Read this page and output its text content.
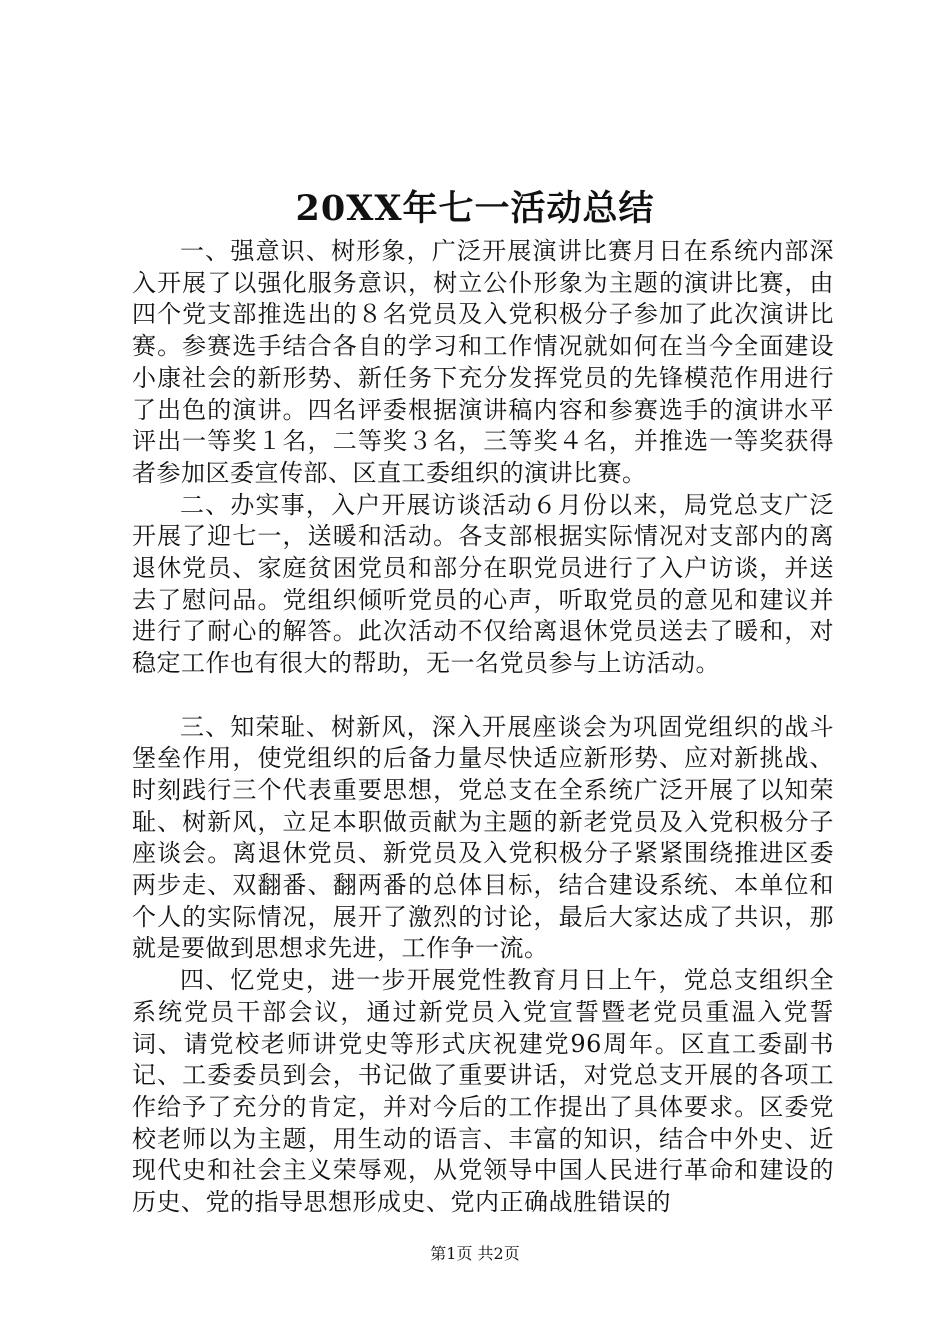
20XX年七一活动总结

一、强意识、树形象，广泛开展演讲比赛月日在系统内部深入开展了以强化服务意识，树立公仆形象为主题的演讲比赛，由四个党支部推选出的８名党员及入党积极分子参加了此次演讲比赛。参赛选手结合各自的学习和工作情况就如何在当今全面建设小康社会的新形势、新任务下充分发挥党员的先锋模范作用进行了出色的演讲。四名评委根据演讲稿内容和参赛选手的演讲水平评出一等奖１名，二等奖３名，三等奖４名，并推选一等奖获得者参加区委宣传部、区直工委组织的演讲比赛。

二、办实事，入户开展访谈活动６月份以来，局党总支广泛开展了迎七一，送暖和活动。各支部根据实际情况对支部内的离退休党员、家庭贫困党员和部分在职党员进行了入户访谈，并送去了慰问品。党组织倾听党员的心声，听取党员的意见和建议并进行了耐心的解答。此次活动不仅给离退休党员送去了暖和，对稳定工作也有很大的帮助，无一名党员参与上访活动。

三、知荣耻、树新风，深入开展座谈会为巩固党组织的战斗堡垒作用，使党组织的后备力量尽快适应新形势、应对新挑战、时刻践行三个代表重要思想，党总支在全系统广泛开展了以知荣耻、树新风，立足本职做贡献为主题的新老党员及入党积极分子座谈会。离退休党员、新党员及入党积极分子紧紧围绕推进区委两步走、双翻番、翻两番的总体目标，结合建设系统、本单位和个人的实际情况，展开了激烈的讨论，最后大家达成了共识，那就是要做到思想求先进，工作争一流。

四、忆党史，进一步开展党性教育月日上午，党总支组织全系统党员干部会议，通过新党员入党宣誓暨老党员重温入党誓词、请党校老师讲党史等形式庆祝建党96周年。区直工委副书记、工委委员到会，书记做了重要讲话，对党总支开展的各项工作给予了充分的肯定，并对今后的工作提出了具体要求。区委党校老师以为主题，用生动的语言、丰富的知识，结合中外史、近现代史和社会主义荣辱观，从党领导中国人民进行革命和建设的历史、党的指导思想形成史、党内正确战胜错误的

第1页 共2页
